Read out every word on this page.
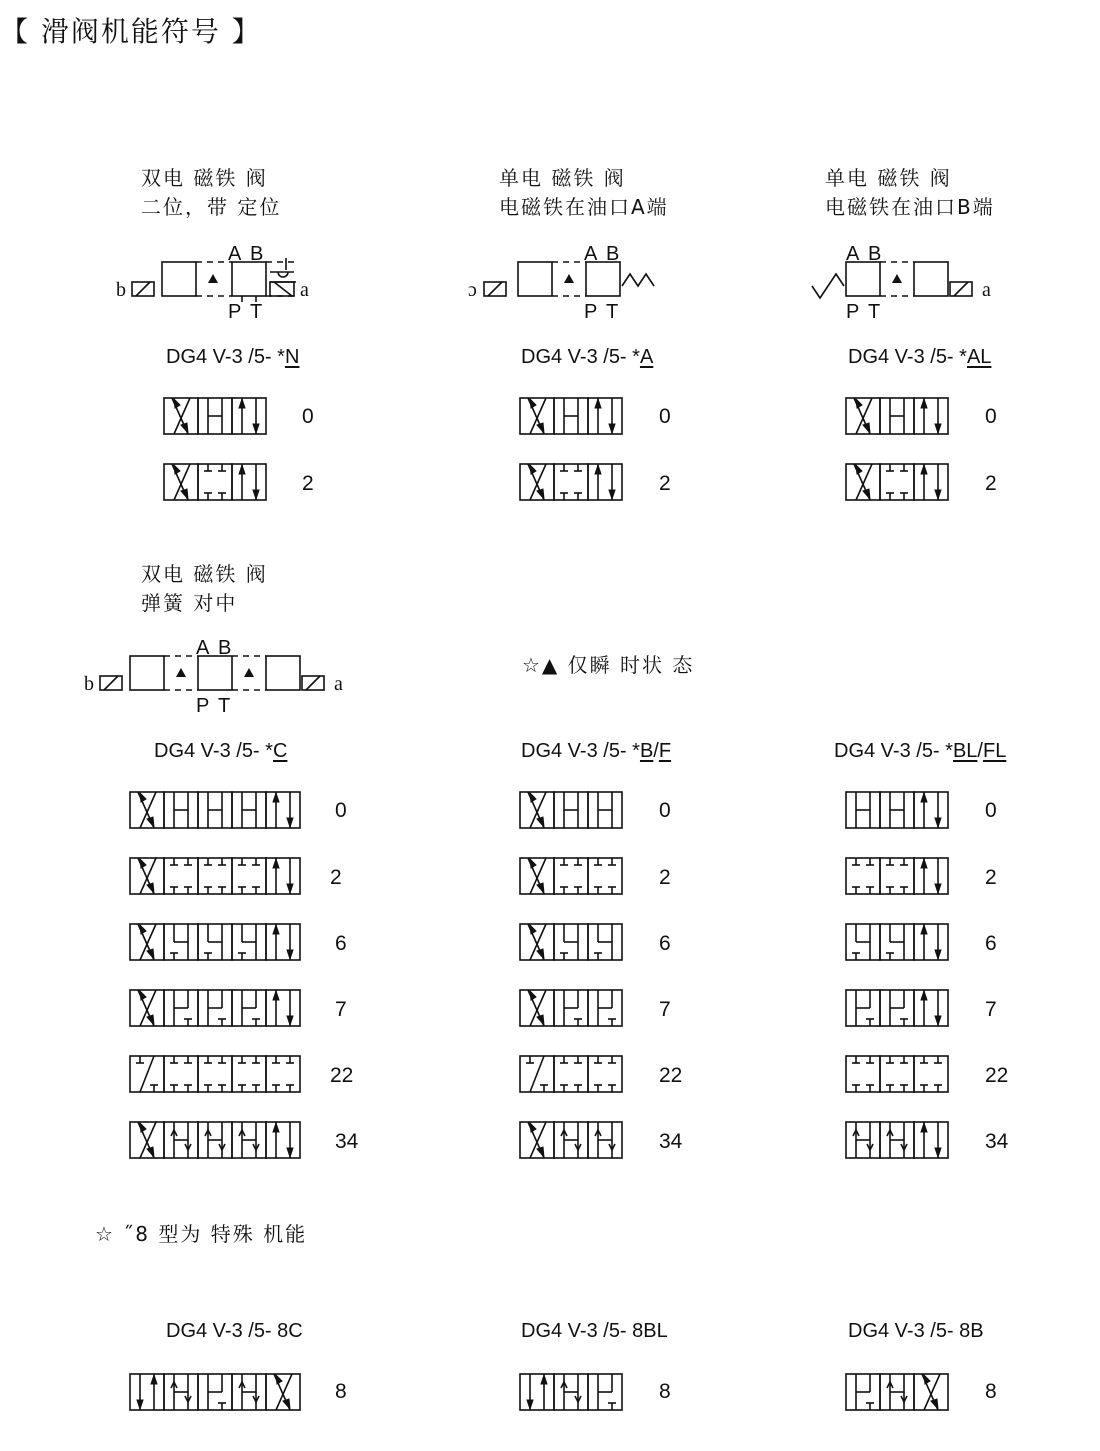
【 滑阀机能符号 】
双电 磁铁 阀
二位，带 定位
单电 磁铁 阀
电磁铁在油口A端
单电 磁铁 阀
电磁铁在油口B端
b	a
A B
P T
ɔ
A B
P T
a
A B
P T
b	a
A B
P T
DG4 V-3 /5- *N	DG4 V-3 /5- *A	DG4 V-3 /5- *AL
0
2
0
2
0
2
双电 磁铁 阀
弹簧 对中
☆▲ 仅瞬 时状 态
DG4 V-3 /5- *C	DG4 V-3 /5- *B/F	DG4 V-3 /5- *BL/FL
0
2
6
7
22
34
0
2
6
7
22
34
0
2
6
7
22
34
☆ ˝8 型为 特殊 机能
DG4 V-3 /5- 8C	DG4 V-3 /5- 8BL	DG4 V-3 /5- 8B
8	8	8
